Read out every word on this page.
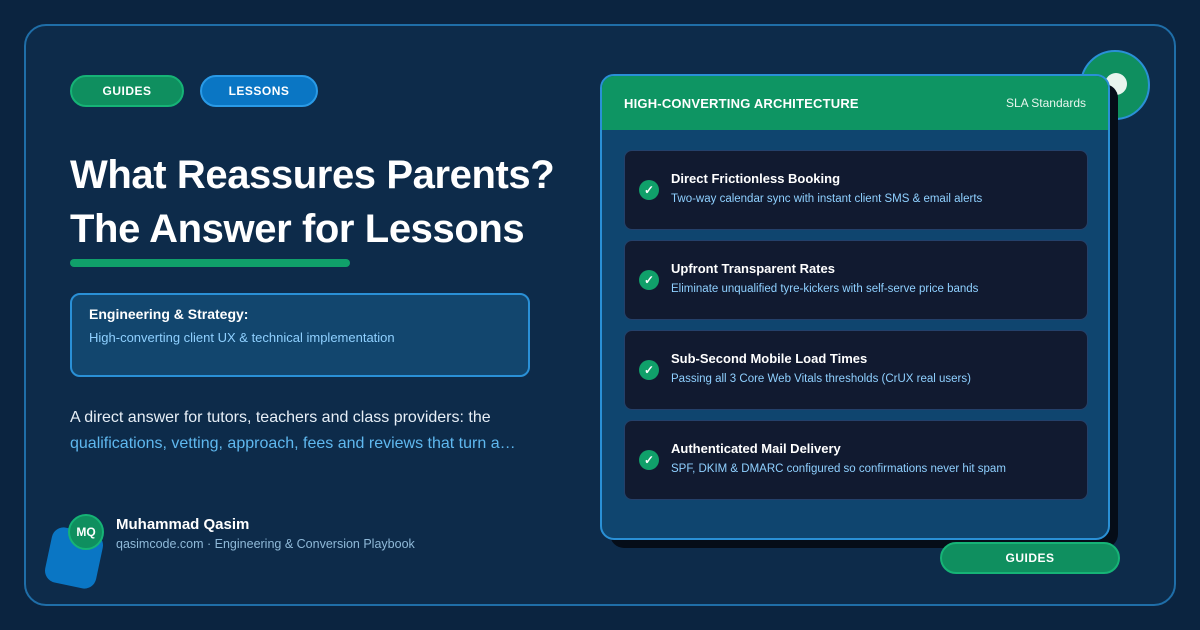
GUIDES	LESSONS
What Reassures Parents?
The Answer for Lessons
Engineering & Strategy:
High-converting client UX & technical implementation

A direct answer for tutors, teachers and class providers: the
qualifications, vetting, approach, fees and reviews that turn a…

MQ	Muhammad Qasim
qasimcode.com · Engineering & Conversion Playbook
HIGH-CONVERTING ARCHITECTURE	SLA Standards
✓
Direct Frictionless Booking
Two-way calendar sync with instant client SMS & email alerts
✓
Upfront Transparent Rates
Eliminate unqualified tyre-kickers with self-serve price bands
✓
Sub-Second Mobile Load Times
Passing all 3 Core Web Vitals thresholds (CrUX real users)
✓
Authenticated Mail Delivery
SPF, DKIM & DMARC configured so confirmations never hit spam
GUIDES
